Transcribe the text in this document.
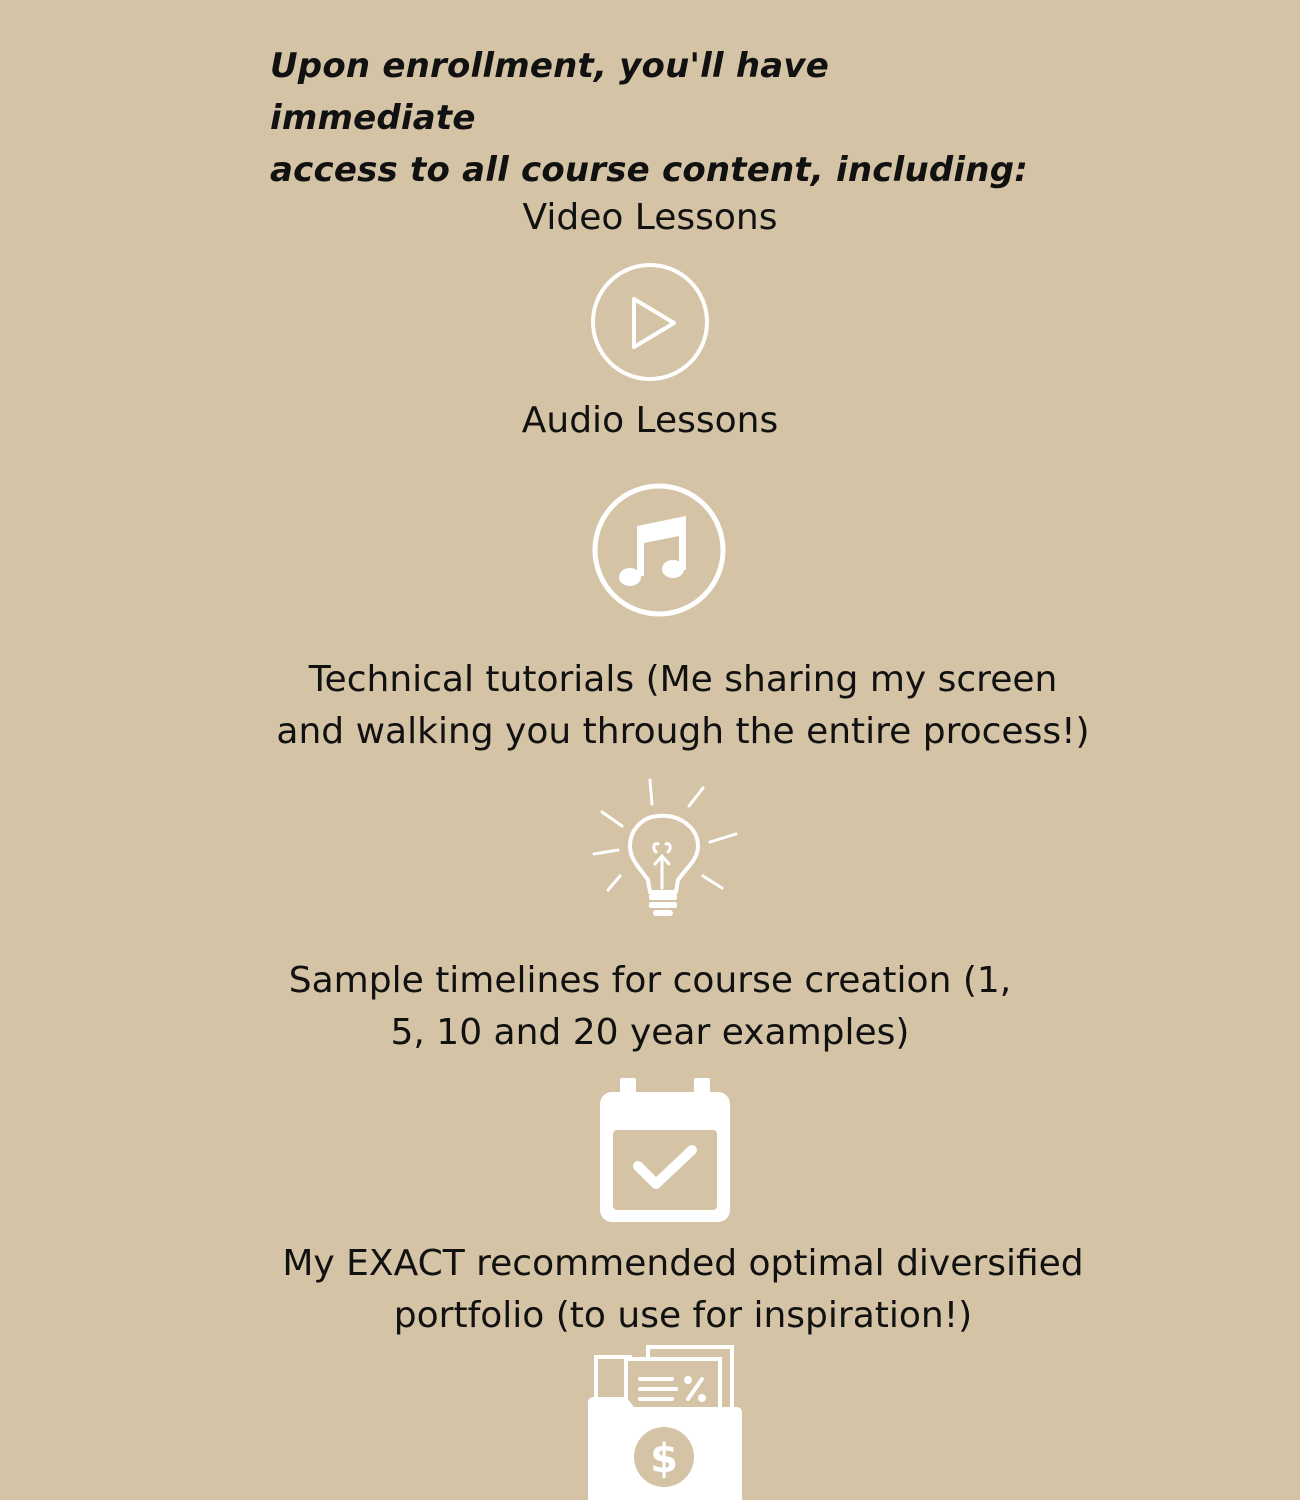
Upon enrollment, you'll have immediate
access to all course content, including:
Video Lessons
Audio Lessons
Technical tutorials (Me sharing my screen
and walking you through the entire process!)
Sample timelines for course creation (1,
5, 10 and 20 year examples)
My EXACT recommended optimal diversified
portfolio (to use for inspiration!)
$
